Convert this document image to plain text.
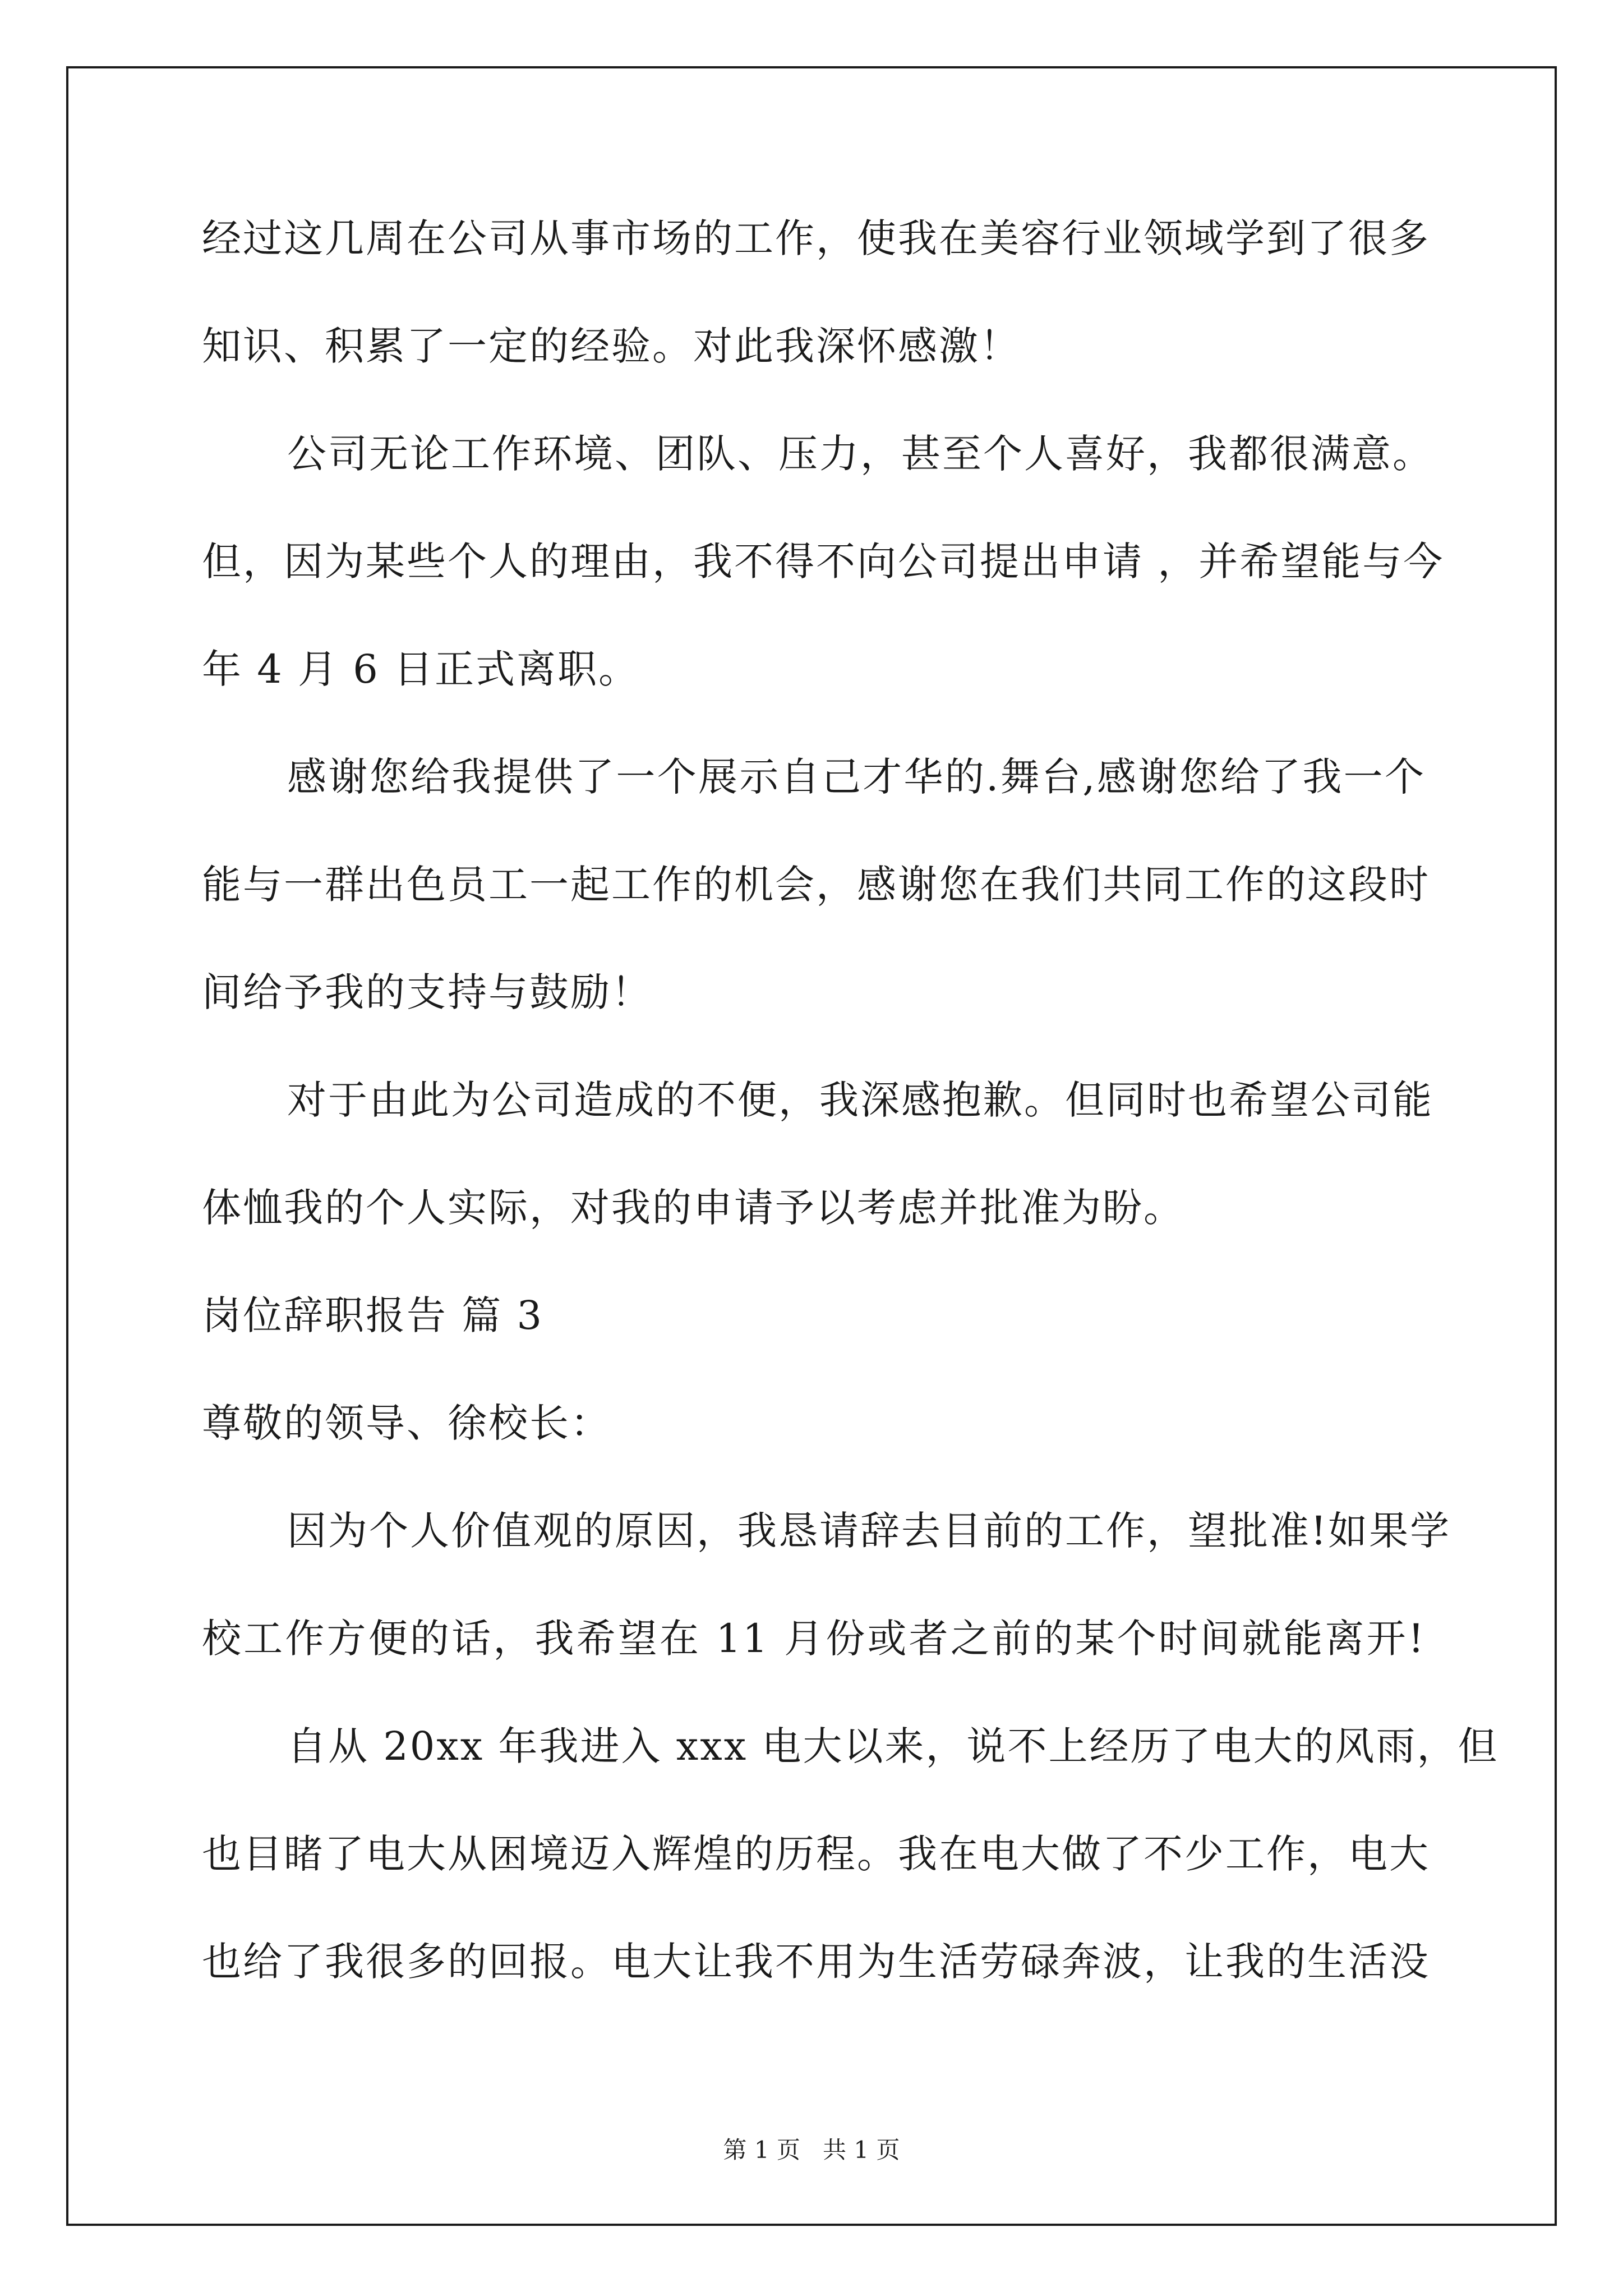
经过这几周在公司从事市场的工作，使我在美容行业领域学到了很多
知识、积累了一定的经验。对此我深怀感激！
公司无论工作环境、团队、压力，甚至个人喜好，我都很满意。
但，因为某些个人的理由，我不得不向公司提出申请 ，并希望能与今
年 4 月 6 日正式离职。
感谢您给我提供了一个展示自己才华的.舞台,感谢您给了我一个
能与一群出色员工一起工作的机会，感谢您在我们共同工作的这段时
间给予我的支持与鼓励！
对于由此为公司造成的不便，我深感抱歉。但同时也希望公司能
体恤我的个人实际，对我的申请予以考虑并批准为盼。
岗位辞职报告 篇 3
尊敬的领导、徐校长：
因为个人价值观的原因，我恳请辞去目前的工作，望批准!如果学
校工作方便的话，我希望在 11 月份或者之前的某个时间就能离开!
自从 20xx 年我进入 xxx 电大以来，说不上经历了电大的风雨，但
也目睹了电大从困境迈入辉煌的历程。我在电大做了不少工作，电大
也给了我很多的回报。电大让我不用为生活劳碌奔波，让我的生活没
第 1 页   共 1 页
